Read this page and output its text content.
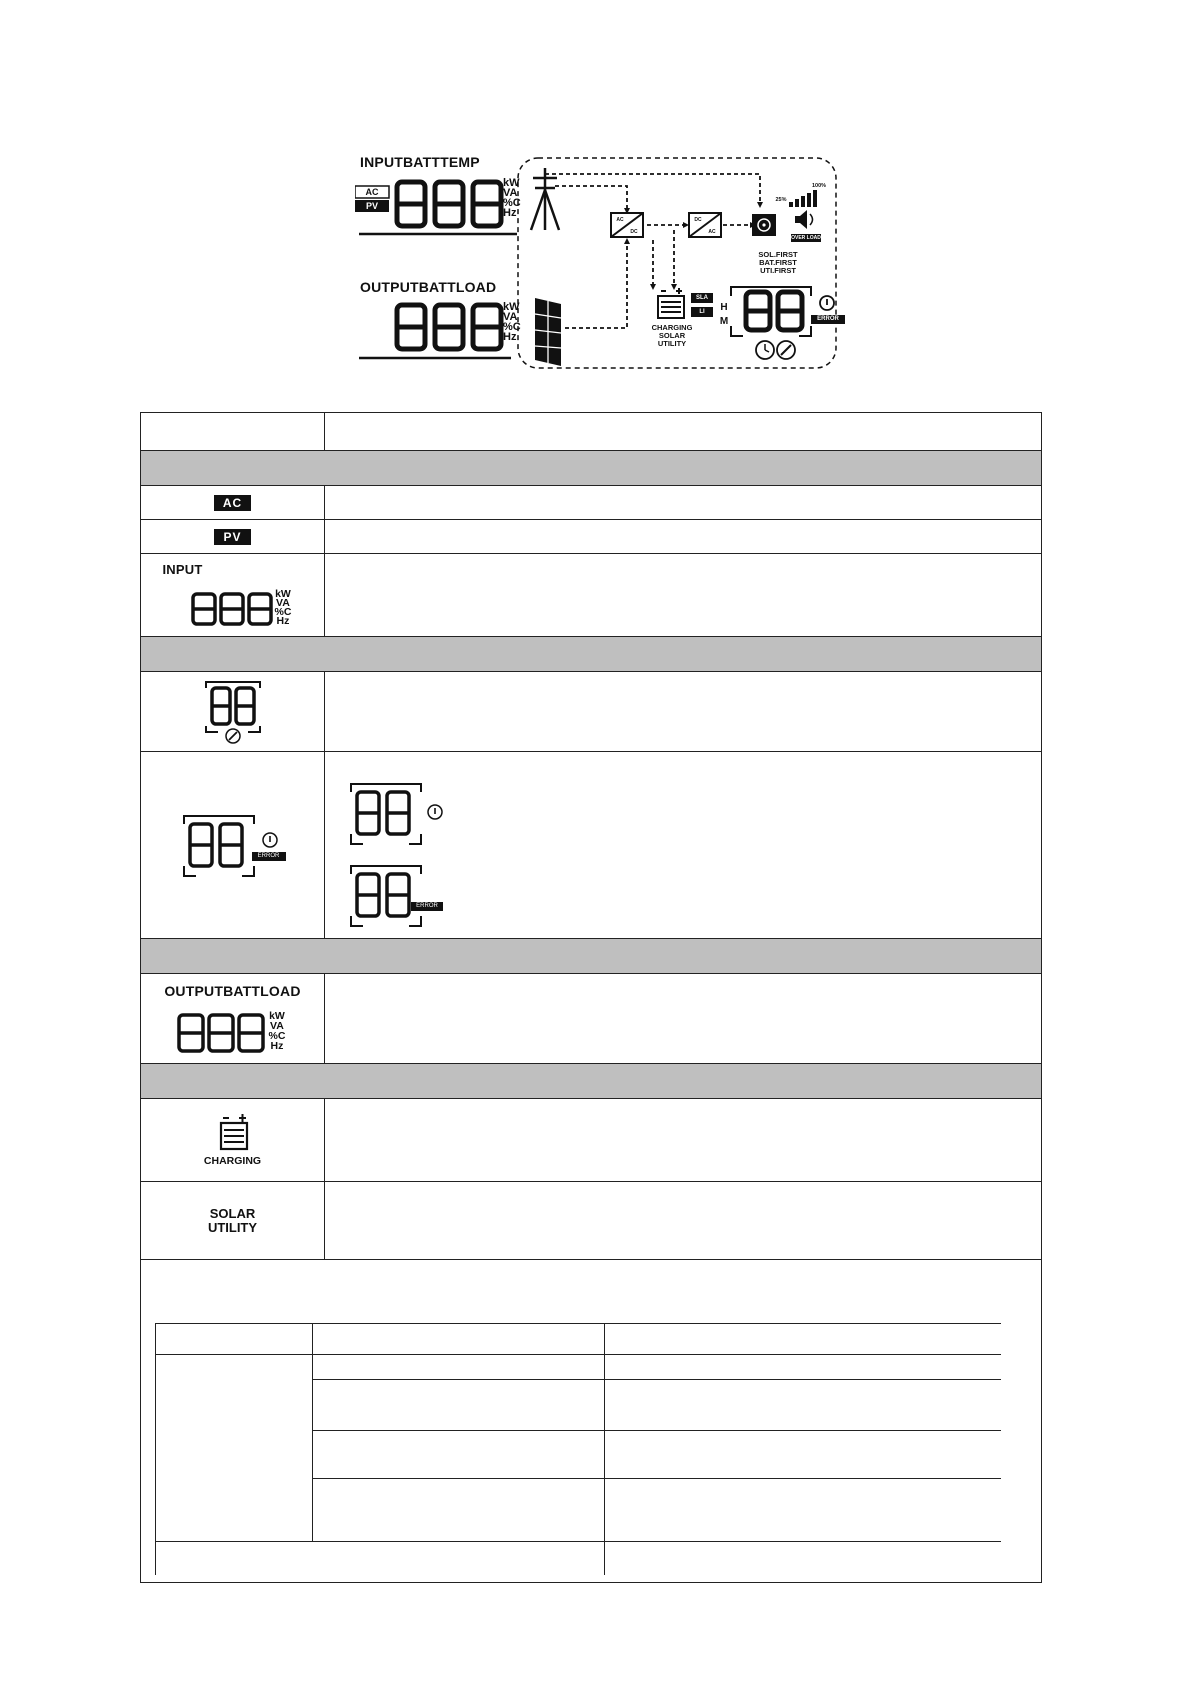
INPUTBATTTEMP
OUTPUTBATTLOAD
AC
PV
kW
VA
%C
Hz
kW
VA
%C
Hz
AC
DC
DC
AC
25%
100%
OVER LOAD
SOL.FIRST
BAT.FIRST
UTI.FIRST
SLA
LI
CHARGING
SOLAR
UTILITY
H
M	ERROR

AC	
PV	

INPUT
kW
VA
%C
Hz	

ERROR	ERROR

OUTPUTBATTLOAD
kW
VA
%C
Hz	

CHARGING	

SOLAR
UTILITY	
